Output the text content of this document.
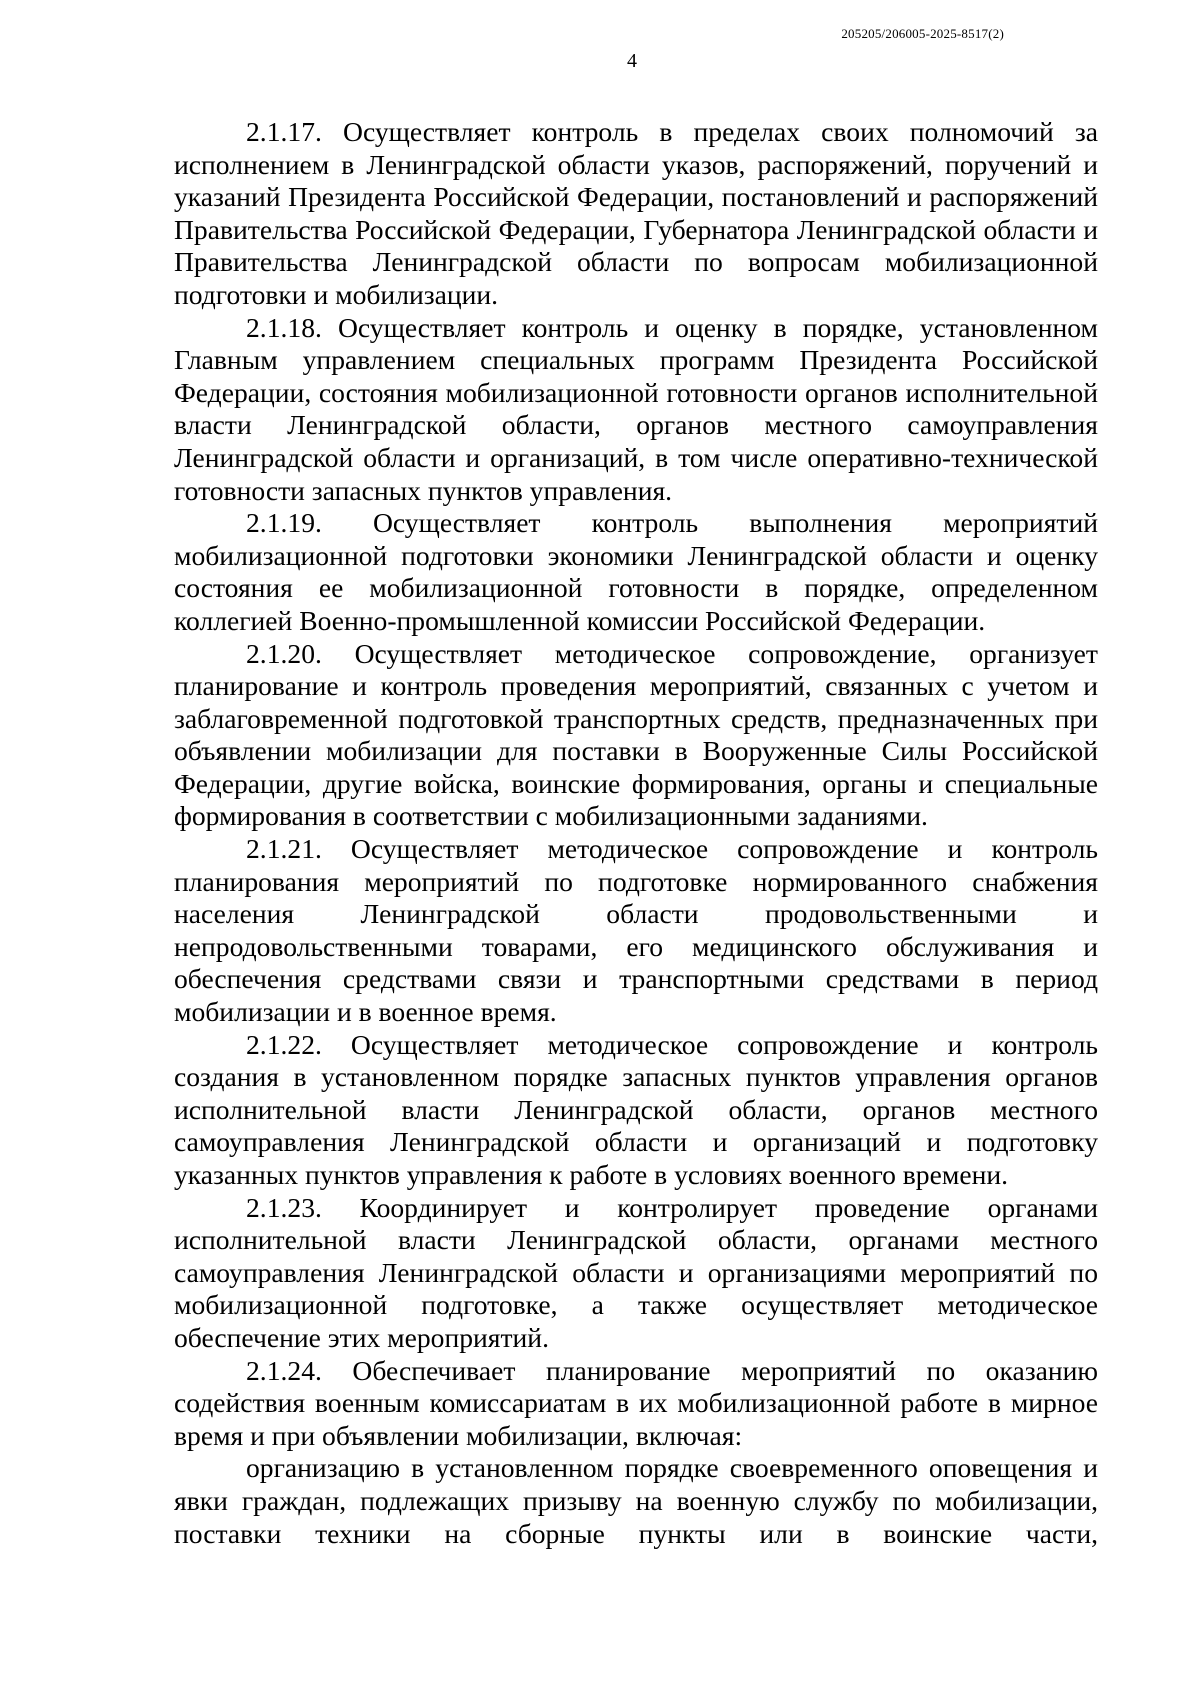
205205/206005-2025-8517(2)
4

2.1.17. Осуществляет контроль в пределах своих полномочий за исполнением в Ленинградской области указов, распоряжений, поручений и указаний Президента Российской Федерации, постановлений и распоряжений Правительства Российской Федерации, Губернатора Ленинградской области и Правительства Ленинградской области по вопросам мобилизационной подготовки и мобилизации.

2.1.18. Осуществляет контроль и оценку в порядке, установленном Главным управлением специальных программ Президента Российской Федерации, состояния мобилизационной готовности органов исполнительной власти Ленинградской области, органов местного самоуправления Ленинградской области и организаций, в том числе оперативно-технической готовности запасных пунктов управления.

2.1.19. Осуществляет контроль выполнения мероприятий мобилизационной подготовки экономики Ленинградской области и оценку состояния ее мобилизационной готовности в порядке, определенном коллегией Военно-промышленной комиссии Российской Федерации.

2.1.20. Осуществляет методическое сопровождение, организует планирование и контроль проведения мероприятий, связанных с учетом и заблаговременной подготовкой транспортных средств, предназначенных при объявлении мобилизации для поставки в Вооруженные Силы Российской Федерации, другие войска, воинские формирования, органы и специальные формирования в соответствии с мобилизационными заданиями.

2.1.21. Осуществляет методическое сопровождение и контроль планирования мероприятий по подготовке нормированного снабжения населения Ленинградской области продовольственными и непродовольственными товарами, его медицинского обслуживания и обеспечения средствами связи и транспортными средствами в период мобилизации и в военное время.

2.1.22. Осуществляет методическое сопровождение и контроль создания в установленном порядке запасных пунктов управления органов исполнительной власти Ленинградской области, органов местного самоуправления Ленинградской области и организаций и подготовку указанных пунктов управления к работе в условиях военного времени.

2.1.23. Координирует и контролирует проведение органами исполнительной власти Ленинградской области, органами местного самоуправления Ленинградской области и организациями мероприятий по мобилизационной подготовке, а также осуществляет методическое обеспечение этих мероприятий.

2.1.24. Обеспечивает планирование мероприятий по оказанию содействия военным комиссариатам в их мобилизационной работе в мирное время и при объявлении мобилизации, включая:

организацию в установленном порядке своевременного оповещения и явки граждан, подлежащих призыву на военную службу по мобилизации, поставки техники на сборные пункты или в воинские части,
